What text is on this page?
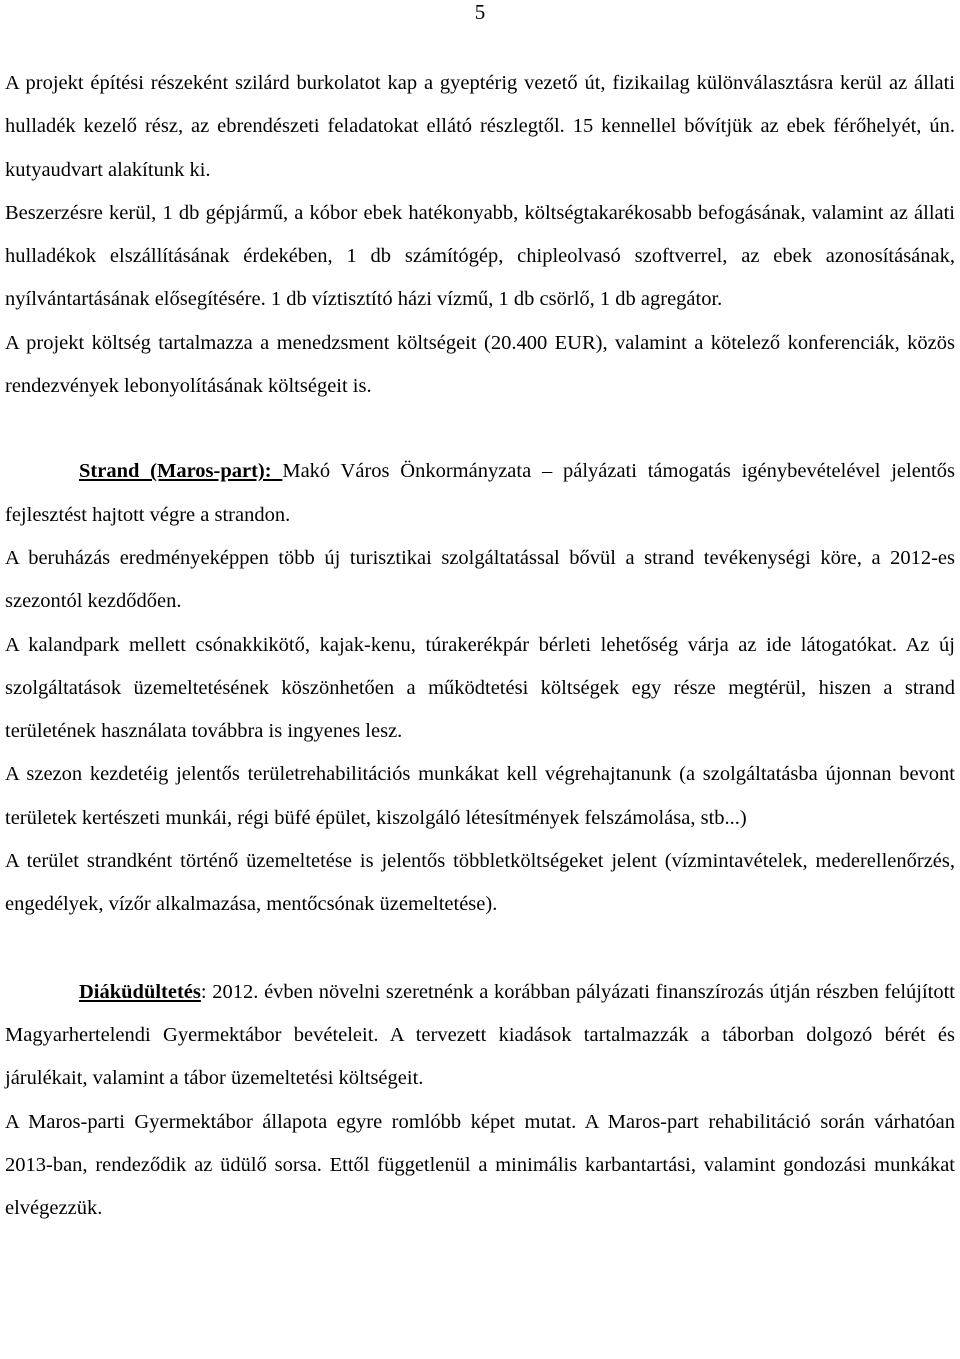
5

A projekt építési részeként szilárd burkolatot kap a gyeptérig vezető út, fizikailag különválasztásra kerül az állati hulladék kezelő rész, az ebrendészeti feladatokat ellátó részlegtől. 15 kennellel bővítjük az ebek férőhelyét, ún. kutyaudvart alakítunk ki.

Beszerzésre kerül, 1 db gépjármű, a kóbor ebek hatékonyabb, költségtakarékosabb befogásának, valamint az állati hulladékok elszállításának érdekében, 1 db számítógép, chipleolvasó szoftverrel, az ebek azonosításának, nyílvántartásának elősegítésére. 1 db víztisztító házi vízmű, 1 db csörlő, 1 db agregátor.

A projekt költség tartalmazza a menedzsment költségeit (20.400 EUR), valamint a kötelező konferenciák, közös rendezvények lebonyolításának költségeit is.

Strand (Maros-part): Makó Város Önkormányzata – pályázati támogatás igénybevételével jelentős fejlesztést hajtott végre a strandon.

A beruházás eredményeképpen több új turisztikai szolgáltatással bővül a strand tevékenységi köre, a 2012-es szezontól kezdődően.

A kalandpark mellett csónakkikötő, kajak-kenu, túrakerékpár bérleti lehetőség várja az ide látogatókat. Az új szolgáltatások üzemeltetésének köszönhetően a működtetési költségek egy része megtérül, hiszen a strand területének használata továbbra is ingyenes lesz.

A szezon kezdetéig jelentős területrehabilitációs munkákat kell végrehajtanunk (a szolgáltatásba újonnan bevont területek kertészeti munkái, régi büfé épület, kiszolgáló létesítmények felszámolása, stb...)

A terület strandként történő üzemeltetése is jelentős többletköltségeket jelent (vízmintavételek, mederellenőrzés, engedélyek, vízőr alkalmazása, mentőcsónak üzemeltetése).

Diáküdültetés: 2012. évben növelni szeretnénk a korábban pályázati finanszírozás útján részben felújított Magyarhertelendi Gyermektábor bevételeit. A tervezett kiadások tartalmazzák a táborban dolgozó bérét és járulékait, valamint a tábor üzemeltetési költségeit.

A Maros-parti Gyermektábor állapota egyre romlóbb képet mutat. A Maros-part rehabilitáció során várhatóan 2013-ban, rendeződik az üdülő sorsa. Ettől függetlenül a minimális karbantartási, valamint gondozási munkákat elvégezzük.
